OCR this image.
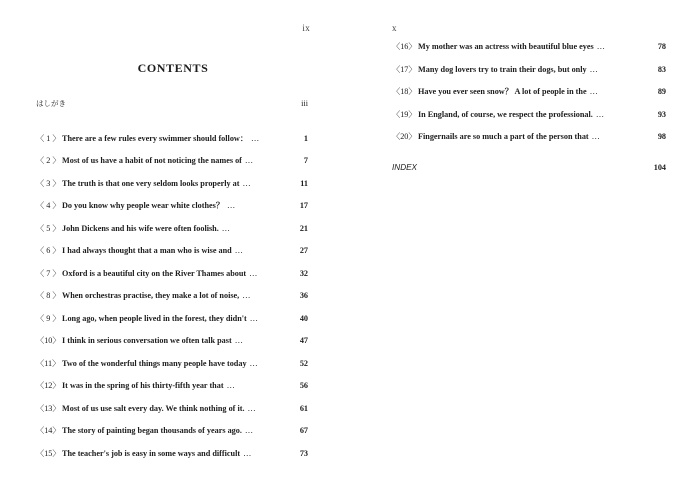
ix
CONTENTS
はしがき	iii
〈 1 〉There are a few rules every swimmer should follow： …	1
〈 2 〉Most of us have a habit of not noticing the names of …	7
〈 3 〉The truth is that one very seldom looks properly at …	11
〈 4 〉Do you know why people wear white clothes？ …	17
〈 5 〉John Dickens and his wife were often foolish. …	21
〈 6 〉I had always thought that a man who is wise and …	27
〈 7 〉Oxford is a beautiful city on the River Thames about …	32
〈 8 〉When orchestras practise, they make a lot of noise, …	36
〈 9 〉Long ago, when people lived in the forest, they didn't …	40
〈10〉I think in serious conversation we often talk past …	47
〈11〉 Two of the wonderful things many people have today …	52
〈12〉It was in the spring of his thirty-fifth year that …	56
〈13〉Most of us use salt every day. We think nothing of it. …	61
〈14〉The story of painting began thousands of years ago. …	67
〈15〉The teacher's job is easy in some ways and difficult …	73
x
〈16〉My mother was an actress with beautiful blue eyes …	78
〈17〉Many dog lovers try to train their dogs, but only …	83
〈18〉Have you ever seen snow？ A lot of people in the …	89
〈19〉In England, of course, we respect the professional. …	93
〈20〉Fingernails are so much a part of the person that …	98
INDEX	104
